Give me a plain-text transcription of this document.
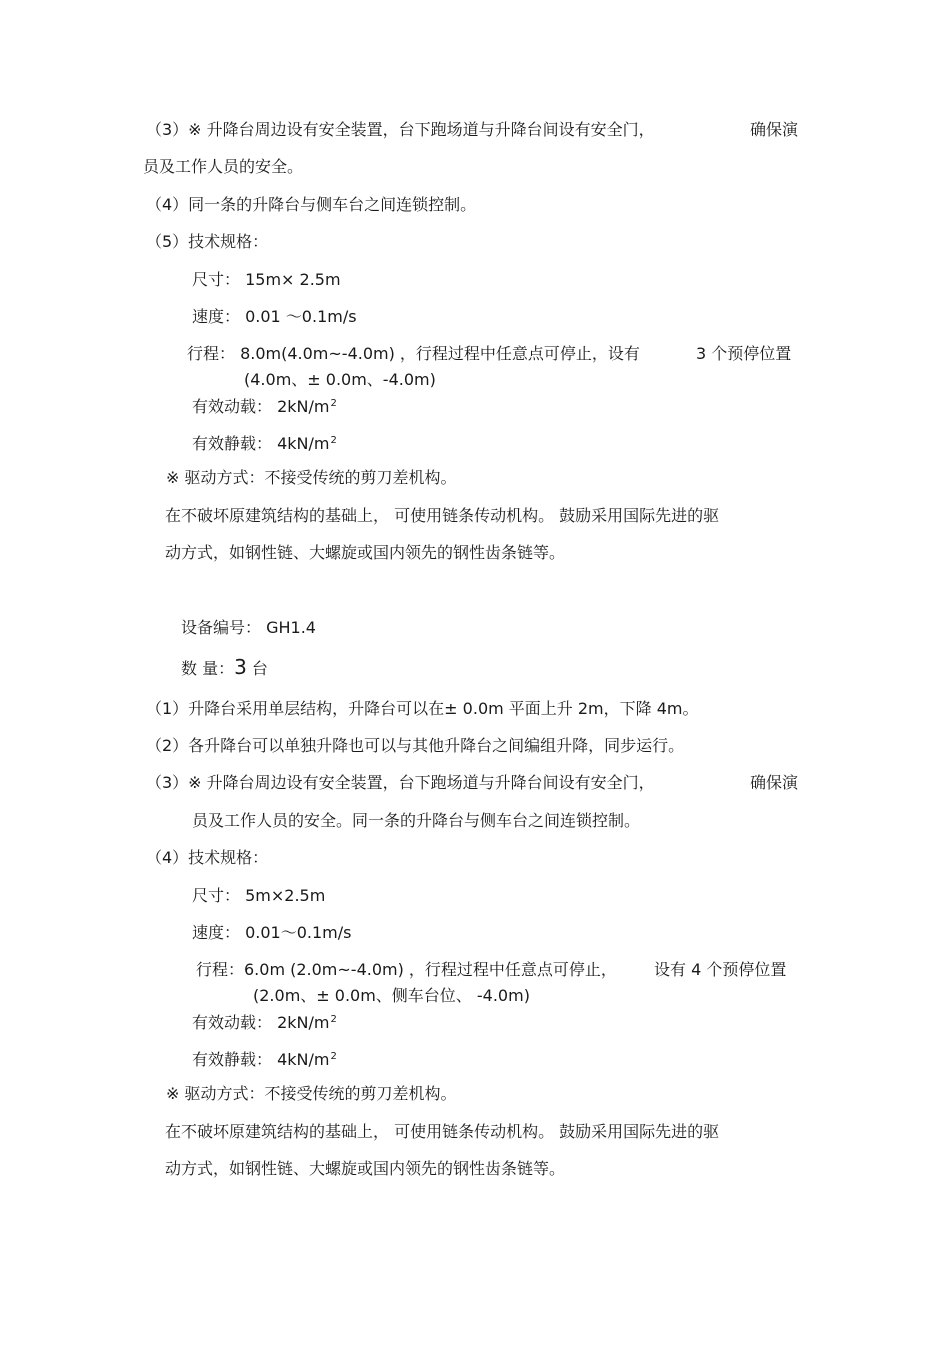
（3）※ 升降台周边设有安全装置，台下跑场道与升降台间设有安全门，	确保演
员及工作人员的安全。
（4）同一条的升降台与侧车台之间连锁控制。
（5）技术规格：
尺寸： 15m× 2.5m
速度： 0.01 ～0.1m/s
行程： 8.0m(4.0m~-4.0m) ，行程过程中任意点可停止，设有	3 个预停位置
(4.0m、± 0.0m、-4.0m)
有效动载： $2kN/m^2$
有效静载： $4kN/m^2$
※ 驱动方式：不接受传统的剪刀差机构。
在不破坏原建筑结构的基础上， 可使用链条传动机构。 鼓励采用国际先进的驱
动方式，如钢性链、大螺旋或国内领先的钢性齿条链等。
设备编号： GH1.4
数 量：3 台
（1）升降台采用单层结构，升降台可以在± 0.0m 平面上升 2m，下降 4m。
（2）各升降台可以单独升降也可以与其他升降台之间编组升降，同步运行。
（3）※ 升降台周边设有安全装置，台下跑场道与升降台间设有安全门，	确保演
员及工作人员的安全。同一条的升降台与侧车台之间连锁控制。
（4）技术规格：
尺寸： 5m×2.5m
速度： 0.01～0.1m/s
行程：6.0m (2.0m~-4.0m) ，行程过程中任意点可停止， 设有 4 个预停位置
(2.0m、± 0.0m、侧车台位、 -4.0m)
有效动载： $2kN/m^2$
有效静载： $4kN/m^2$
※ 驱动方式：不接受传统的剪刀差机构。
在不破坏原建筑结构的基础上， 可使用链条传动机构。 鼓励采用国际先进的驱
动方式，如钢性链、大螺旋或国内领先的钢性齿条链等。
